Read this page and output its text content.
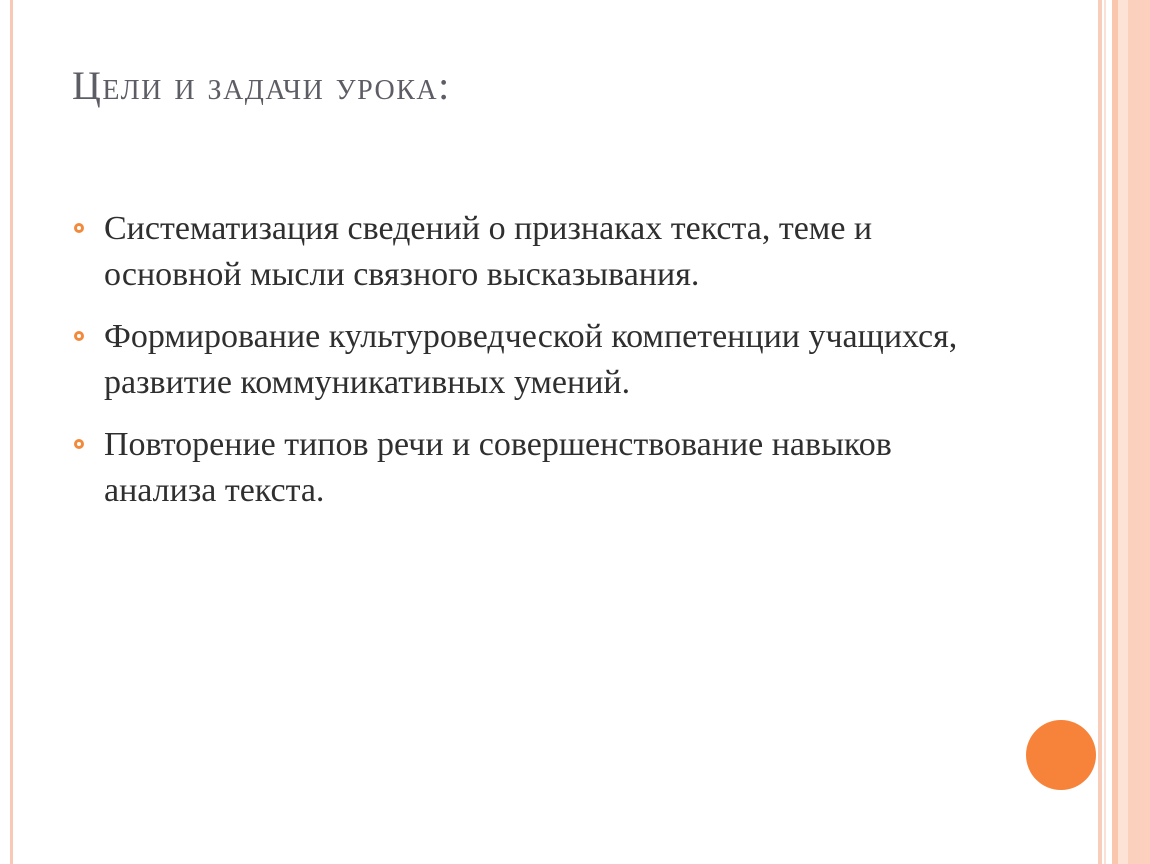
Цели и задачи урока:
Систематизация сведений о признаках текста, теме и основной мысли связного высказывания.
Формирование культуроведческой компетенции учащихся, развитие коммуникативных умений.
Повторение типов речи и совершенствование навыков анализа текста.
